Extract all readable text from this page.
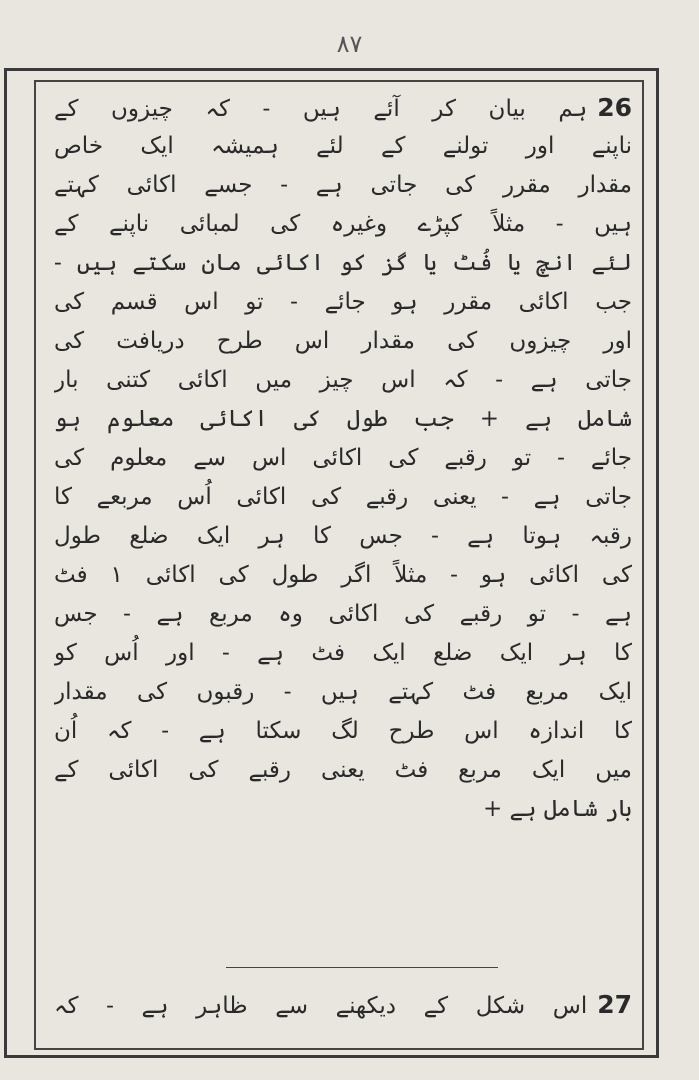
۸۷
26ہم بیان کر آئے ہیں - کہ چیزوں کے
ناپنے اور تولنے کے لئے ہمیشہ ایک خاص
مقدار مقرر کی جاتی ہے - جسے اکائی کہتے
ہیں - مثلاً کپڑے وغیرہ کی لمبائی ناپنے کے
لئے انچ یا فُٹ یا گز کو اکائی مان سکتے ہیں -
جب اکائی مقرر ہو جائے - تو اس قسم کی
اور چیزوں کی مقدار اس طرح دریافت کی
جاتی ہے - کہ اس چیز میں اکائی کتنی بار
شامل ہے + جب طول کی اکائی معلوم ہو
جائے - تو رقبے کی اکائی اس سے معلوم کی
جاتی ہے - یعنی رقبے کی اکائی اُس مربعے کا
رقبہ ہوتا ہے - جس کا ہر ایک ضلع طول
کی اکائی ہو - مثلاً اگر طول کی اکائی ۱ فٹ
ہے - تو رقبے کی اکائی وہ مربع ہے - جس
کا ہر ایک ضلع ایک فٹ ہے - اور اُس کو
ایک مربع فٹ کہتے ہیں - رقبوں کی مقدار
کا اندازہ اس طرح لگ سکتا ہے - کہ اُن
میں ایک مربع فٹ یعنی رقبے کی اکائی کے
بار شامل ہے +
27اس شکل کے دیکھنے سے ظاہر ہے - کہ
